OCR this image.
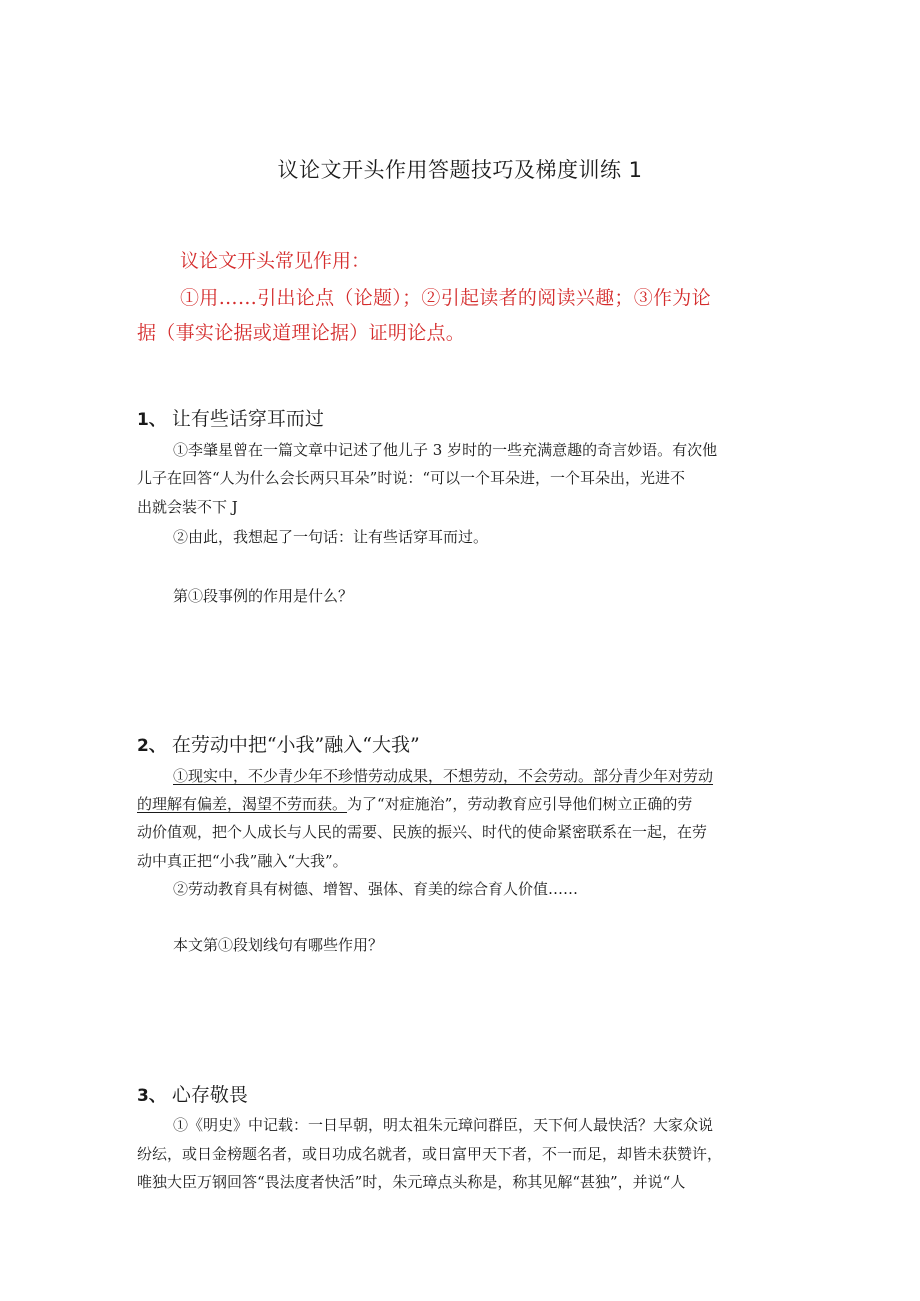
议论文开头作用答题技巧及梯度训练 1
议论文开头常见作用：
①用……引出论点（论题）；②引起读者的阅读兴趣；③作为论
据（事实论据或道理论据）证明论点。
1、 让有些话穿耳而过
①李肇星曾在一篇文章中记述了他儿子 3 岁时的一些充满意趣的奇言妙语。有次他
儿子在回答“人为什么会长两只耳朵”时说：“可以一个耳朵进，一个耳朵出，光进不
出就会装不下 J
②由此，我想起了一句话：让有些话穿耳而过。
第①段事例的作用是什么？
2、 在劳动中把“小我”融入“大我”
①现实中，不少青少年不珍惜劳动成果，不想劳动，不会劳动。部分青少年对劳动
的理解有偏差，渴望不劳而获。为了“对症施治”，劳动教育应引导他们树立正确的劳
动价值观，把个人成长与人民的需要、民族的振兴、时代的使命紧密联系在一起，在劳
动中真正把“小我”融入“大我”。
②劳动教育具有树德、增智、强体、育美的综合育人价值……
本文第①段划线句有哪些作用？
3、 心存敬畏
①《明史》中记载：一日早朝，明太祖朱元璋问群臣，天下何人最快活？大家众说
纷纭，或日金榜题名者，或日功成名就者，或日富甲天下者，不一而足，却皆未获赞许，
唯独大臣万钢回答“畏法度者快活”时，朱元璋点头称是，称其见解“甚独”，并说“人
